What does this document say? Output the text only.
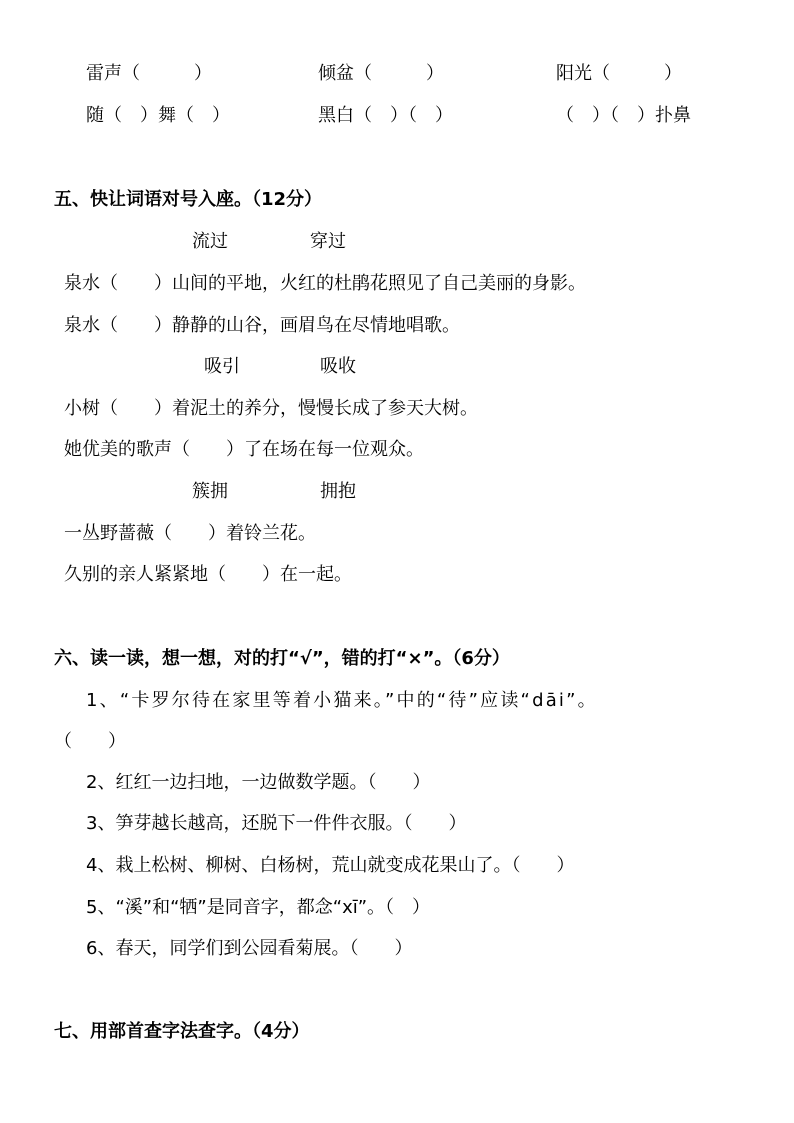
雷声（　　　）	倾盆（　　　）	阳光（　　　）
随（　）舞（　）	黑白（　）（　）	（　）（　）扑鼻
五、快让词语对号入座。（12分）
流过	穿过
泉水（　　）山间的平地，火红的杜鹃花照见了自己美丽的身影。
泉水（　　）静静的山谷，画眉鸟在尽情地唱歌。
吸引	吸收
小树（　　）着泥土的养分，慢慢长成了参天大树。
她优美的歌声（　　）了在场在每一位观众。
簇拥	拥抱
一丛野蔷薇（　　）着铃兰花。
久别的亲人紧紧地（　　）在一起。
六、读一读，想一想，对的打“√”，错的打“×”。（6分）
1、“卡罗尔待在家里等着小猫来。”中的“待”应读“dāi”。
（　　）
2、红红一边扫地，一边做数学题。（　　）
3、笋芽越长越高，还脱下一件件衣服。（　　）
4、栽上松树、柳树、白杨树，荒山就变成花果山了。（　　）
5、“溪”和“牺”是同音字，都念“xī”。（　）
6、春天，同学们到公园看菊展。（　　）
七、用部首查字法查字。（4分）
